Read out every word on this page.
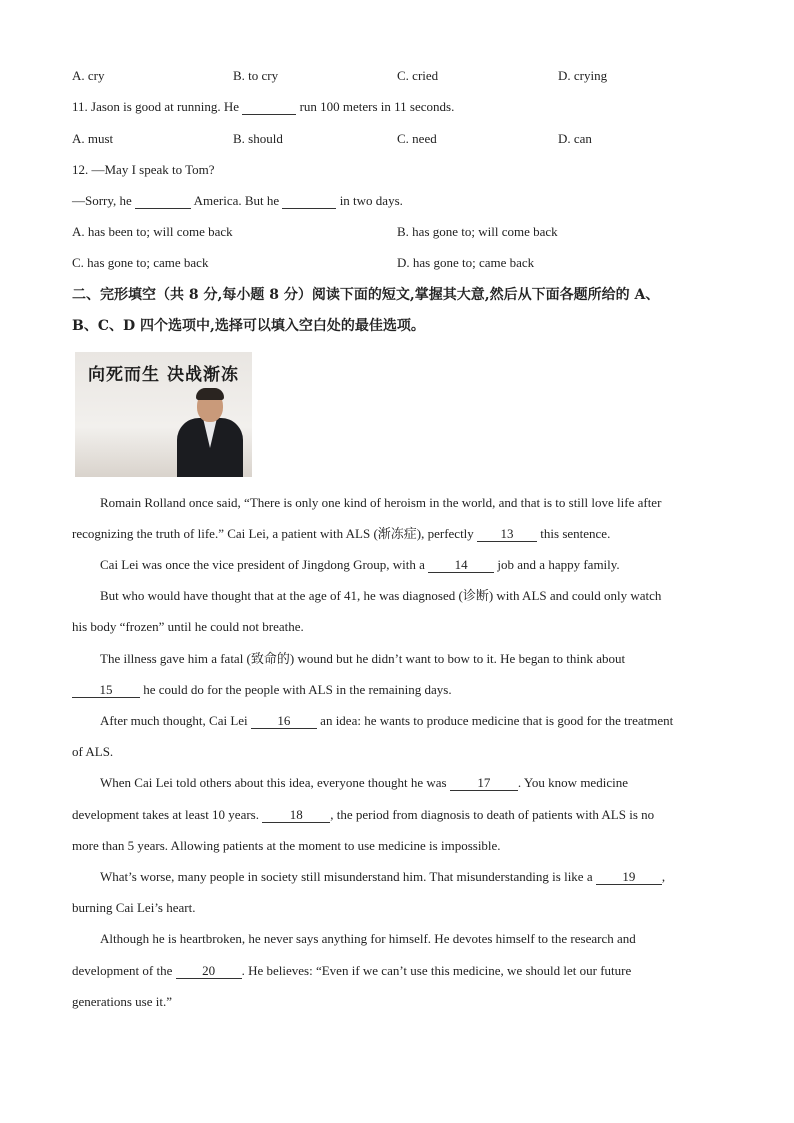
A. cry	B. to cry	C. cried	D. crying
11. Jason is good at running. He	run 100 meters in 11 seconds.
A. must	B. should	C. need	D. can
12. —May I speak to Tom?
—Sorry, he	America. But he	in two days.
A. has been to; will come back	B. has gone to; will come back
C. has gone to; came back	D. has gone to; came back
二、完形填空（共 8 分,每小题 8 分）阅读下面的短文,掌握其大意,然后从下面各题所给的 A、
B、C、D 四个选项中,选择可以填入空白处的最佳选项。
向死而生 决战渐冻
Romain Rolland once said, “There is only one kind of heroism in the world, and that is to still love life after
recognizing the truth of life.” Cai Lei, a patient with ALS (渐冻症), perfectly 13 this sentence.
Cai Lei was once the vice president of Jingdong Group, with a 14 job and a happy family.
But who would have thought that at the age of 41, he was diagnosed (诊断) with ALS and could only watch
his body “frozen” until he could not breathe.
The illness gave him a fatal (致命的) wound but he didn’t want to bow to it. He began to think about
15 he could do for the people with ALS in the remaining days.
After much thought, Cai Lei 16 an idea: he wants to produce medicine that is good for the treatment
of ALS.
When Cai Lei told others about this idea, everyone thought he was 17 . You know medicine
development takes at least 10 years. 18 , the period from diagnosis to death of patients with ALS is no
more than 5 years. Allowing patients at the moment to use medicine is impossible.
What’s worse, many people in society still misunderstand him. That misunderstanding is like a 19 ,
burning Cai Lei’s heart.
Although he is heartbroken, he never says anything for himself. He devotes himself to the research and
development of the 20 . He believes: “Even if we can’t use this medicine, we should let our future
generations use it.”
